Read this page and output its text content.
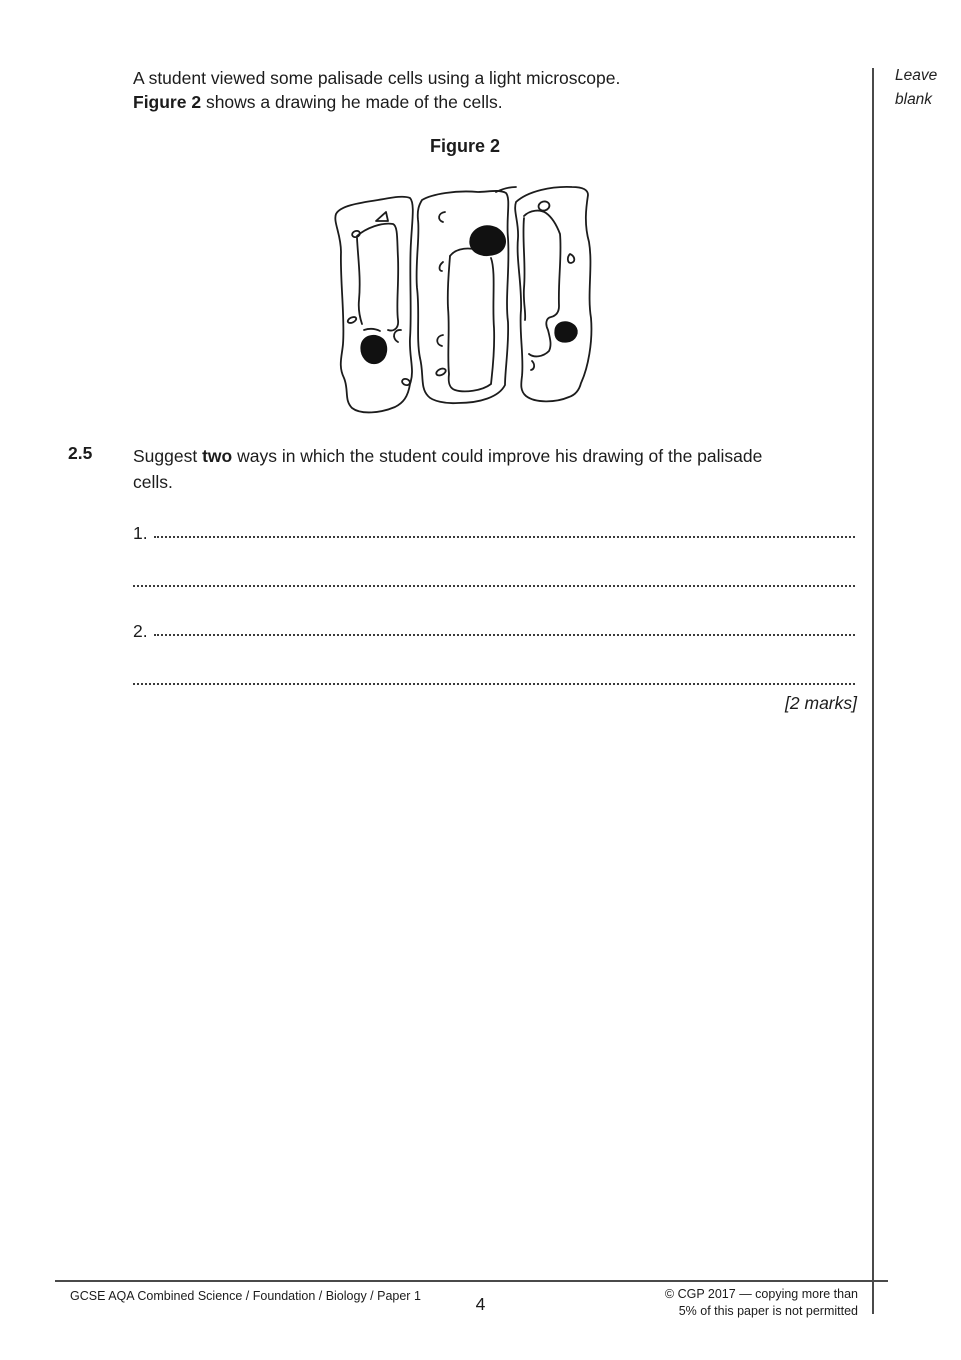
Leave
blank
A student viewed some palisade cells using a light microscope.
Figure 2 shows a drawing he made of the cells.
Figure 2
2.5 Suggest two ways in which the student could improve his drawing of the palisade cells.
1.
2.
[2 marks]
GCSE AQA Combined Science / Foundation / Biology / Paper 1	4	© CGP 2017 — copying more than
5% of this paper is not permitted
